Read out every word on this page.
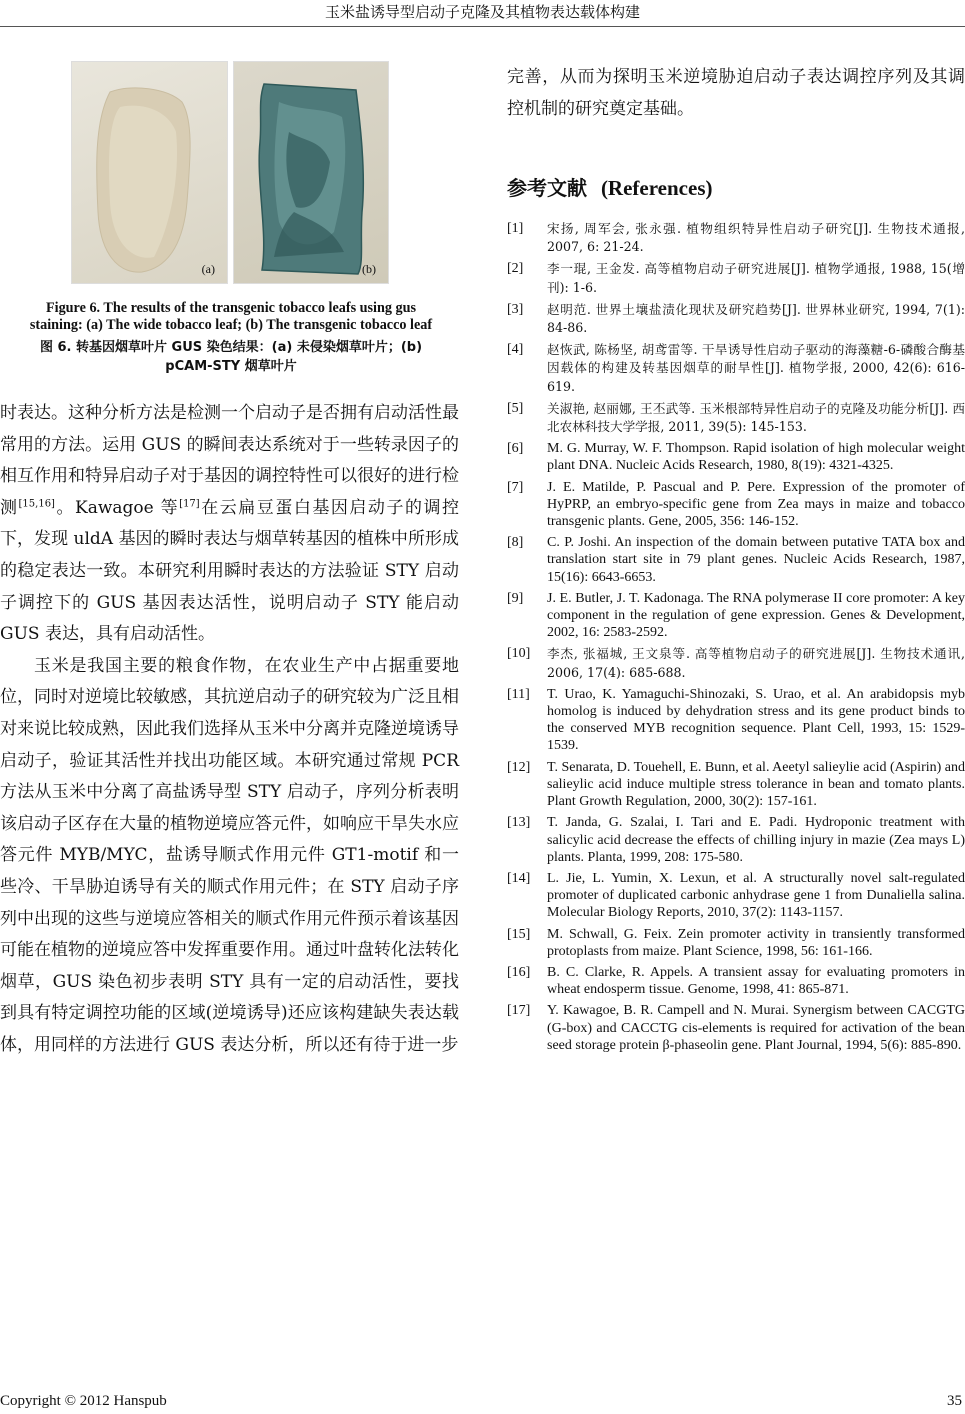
玉米盐诱导型启动子克隆及其植物表达载体构建
(a)	(b)
Figure 6. The results of the transgenic tobacco leafs using gus
staining: (a) The wide tobacco leaf; (b) The transgenic tobacco leaf
图 6. 转基因烟草叶片 GUS 染色结果：(a) 未侵染烟草叶片；(b)
pCAM-STY 烟草叶片

时表达。这种分析方法是检测一个启动子是否拥有启动活性最常用的方法。运用 GUS 的瞬间表达系统对于一些转录因子的相互作用和特异启动子对于基因的调控特性可以很好的进行检测[15,16]。Kawagoe 等[17]在云扁豆蛋白基因启动子的调控下，发现 uldA 基因的瞬时表达与烟草转基因的植株中所形成的稳定表达一致。本研究利用瞬时表达的方法验证 STY 启动子调控下的 GUS 基因表达活性，说明启动子 STY 能启动 GUS 表达，具有启动活性。

玉米是我国主要的粮食作物，在农业生产中占据重要地位，同时对逆境比较敏感，其抗逆启动子的研究较为广泛且相对来说比较成熟，因此我们选择从玉米中分离并克隆逆境诱导启动子，验证其活性并找出功能区域。本研究通过常规 PCR 方法从玉米中分离了高盐诱导型 STY 启动子，序列分析表明该启动子区存在大量的植物逆境应答元件，如响应干旱失水应答元件 MYB/MYC，盐诱导顺式作用元件 GT1-motif 和一些冷、干旱胁迫诱导有关的顺式作用元件；在 STY 启动子序列中出现的这些与逆境应答相关的顺式作用元件预示着该基因可能在植物的逆境应答中发挥重要作用。通过叶盘转化法转化烟草，GUS 染色初步表明 STY 具有一定的启动活性，要找到具有特定调控功能的区域(逆境诱导)还应该构建缺失表达载体，用同样的方法进行 GUS 表达分析，所以还有待于进一步

完善，从而为探明玉米逆境胁迫启动子表达调控序列及其调控机制的研究奠定基础。
参考文献 (References)
[1] 宋扬, 周军会, 张永强. 植物组织特异性启动子研究[J]. 生物技术通报, 2007, 6: 21-24.
[2] 李一琨, 王金发. 高等植物启动子研究进展[J]. 植物学通报, 1988, 15(增刊): 1-6.
[3] 赵明范. 世界土壤盐渍化现状及研究趋势[J]. 世界林业研究, 1994, 7(1): 84-86.
[4] 赵恢武, 陈杨坚, 胡鸢雷等. 干旱诱导性启动子驱动的海藻糖-6-磷酸合酶基因载体的构建及转基因烟草的耐旱性[J]. 植物学报, 2000, 42(6): 616-619.
[5] 关淑艳, 赵丽娜, 王丕武等. 玉米根部特异性启动子的克隆及功能分析[J]. 西北农林科技大学学报, 2011, 39(5): 145-153.
[6] M. G. Murray, W. F. Thompson. Rapid isolation of high molecular weight plant DNA. Nucleic Acids Research, 1980, 8(19): 4321-4325.
[7] J. E. Matilde, P. Pascual and P. Pere. Expression of the promoter of HyPRP, an embryo-specific gene from Zea mays in maize and tobacco transgenic plants. Gene, 2005, 356: 146-152.
[8] C. P. Joshi. An inspection of the domain between putative TATA box and translation start site in 79 plant genes. Nucleic Acids Research, 1987, 15(16): 6643-6653.
[9] J. E. Butler, J. T. Kadonaga. The RNA polymerase II core promoter: A key component in the regulation of gene expression. Genes & Development, 2002, 16: 2583-2592.
[10] 李杰, 张福城, 王文泉等. 高等植物启动子的研究进展[J]. 生物技术通讯, 2006, 17(4): 685-688.
[11] T. Urao, K. Yamaguchi-Shinozaki, S. Urao, et al. An arabidopsis myb homolog is induced by dehydration stress and its gene product binds to the conserved MYB recognition sequence. Plant Cell, 1993, 15: 1529-1539.
[12] T. Senarata, D. Touehell, E. Bunn, et al. Aeetyl salieylie acid (Aspirin) and salieylic acid induce multiple stress tolerance in bean and tomato plants. Plant Growth Regulation, 2000, 30(2): 157-161.
[13] T. Janda, G. Szalai, I. Tari and E. Padi. Hydroponic treatment with salicylic acid decrease the effects of chilling injury in mazie (Zea mays L) plants. Planta, 1999, 208: 175-580.
[14] L. Jie, L. Yumin, X. Lexun, et al. A structurally novel salt-regulated promoter of duplicated carbonic anhydrase gene 1 from Dunaliella salina. Molecular Biology Reports, 2010, 37(2): 1143-1157.
[15] M. Schwall, G. Feix. Zein promoter activity in transiently transformed protoplasts from maize. Plant Science, 1998, 56: 161-166.
[16] B. C. Clarke, R. Appels. A transient assay for evaluating promoters in wheat endosperm tissue. Genome, 1998, 41: 865-871.
[17] Y. Kawagoe, B. R. Campell and N. Murai. Synergism between CACGTG (G-box) and CACCTG cis-elements is required for activation of the bean seed storage protein β-phaseolin gene. Plant Journal, 1994, 5(6): 885-890.
Copyright © 2012 Hanspub	35
